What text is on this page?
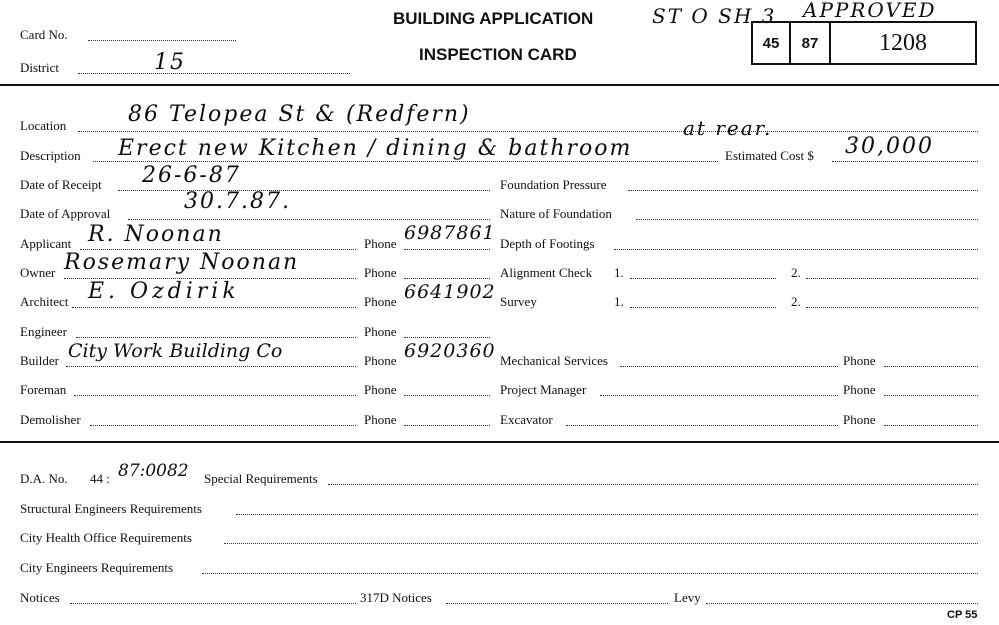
Card No.
District	15
BUILDING APPLICATION
INSPECTION CARD
ST O SH 3 APPROVED
45	87	1208
Location	86 Telopea St & (Redfern)
Description Erect new Kitchen / dining & bathroom
at rear.
Estimated Cost $ 30,000
Date of Receipt 26-6-87
Date of Approval	30.7.87.
Applicant R. Noonan	Phone 6987861
Owner Rosemary Noonan	Phone
Architect E. Ozdirik	Phone 6641902
Engineer	Phone
Builder City Work Building Co	Phone 6920360
Foreman	Phone
Demolisher	Phone
Foundation Pressure
Nature of Foundation
Depth of Footings
Alignment Check 1.	2.
Survey	1.	2.
Mechanical Services	Phone
Project Manager	Phone
Excavator	Phone
D.A. No. 44 : 87:0082 Special Requirements
Structural Engineers Requirements
City Health Office Requirements
City Engineers Requirements
Notices	317D Notices	Levy
CP 55
